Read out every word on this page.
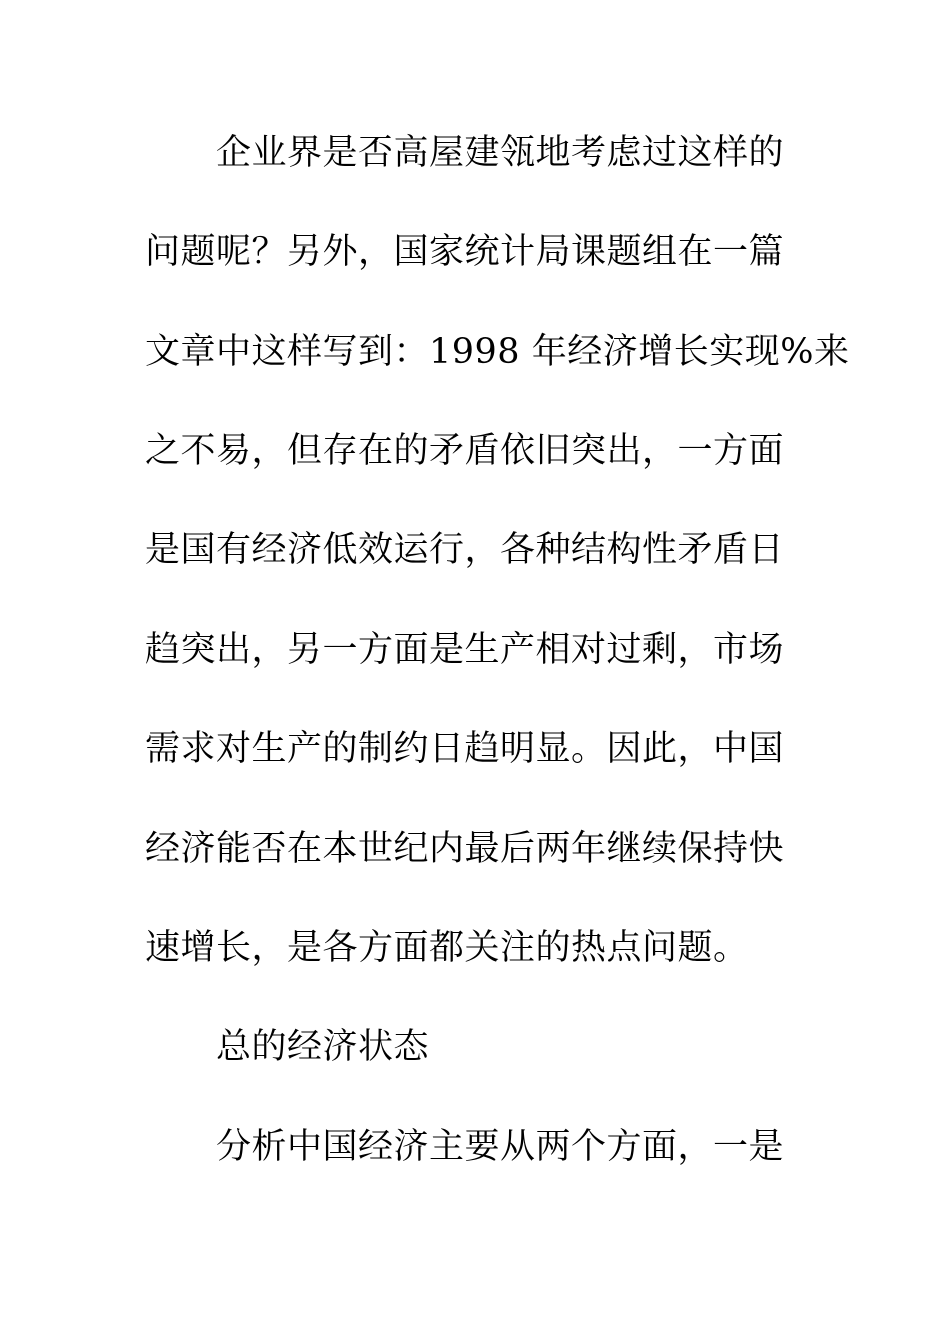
企业界是否高屋建瓴地考虑过这样的
问题呢？另外，国家统计局课题组在一篇
文章中这样写到：1998 年经济增长实现%来
之不易，但存在的矛盾依旧突出，一方面
是国有经济低效运行，各种结构性矛盾日
趋突出，另一方面是生产相对过剩，市场
需求对生产的制约日趋明显。因此，中国
经济能否在本世纪内最后两年继续保持快
速增长，是各方面都关注的热点问题。
总的经济状态
分析中国经济主要从两个方面，一是
